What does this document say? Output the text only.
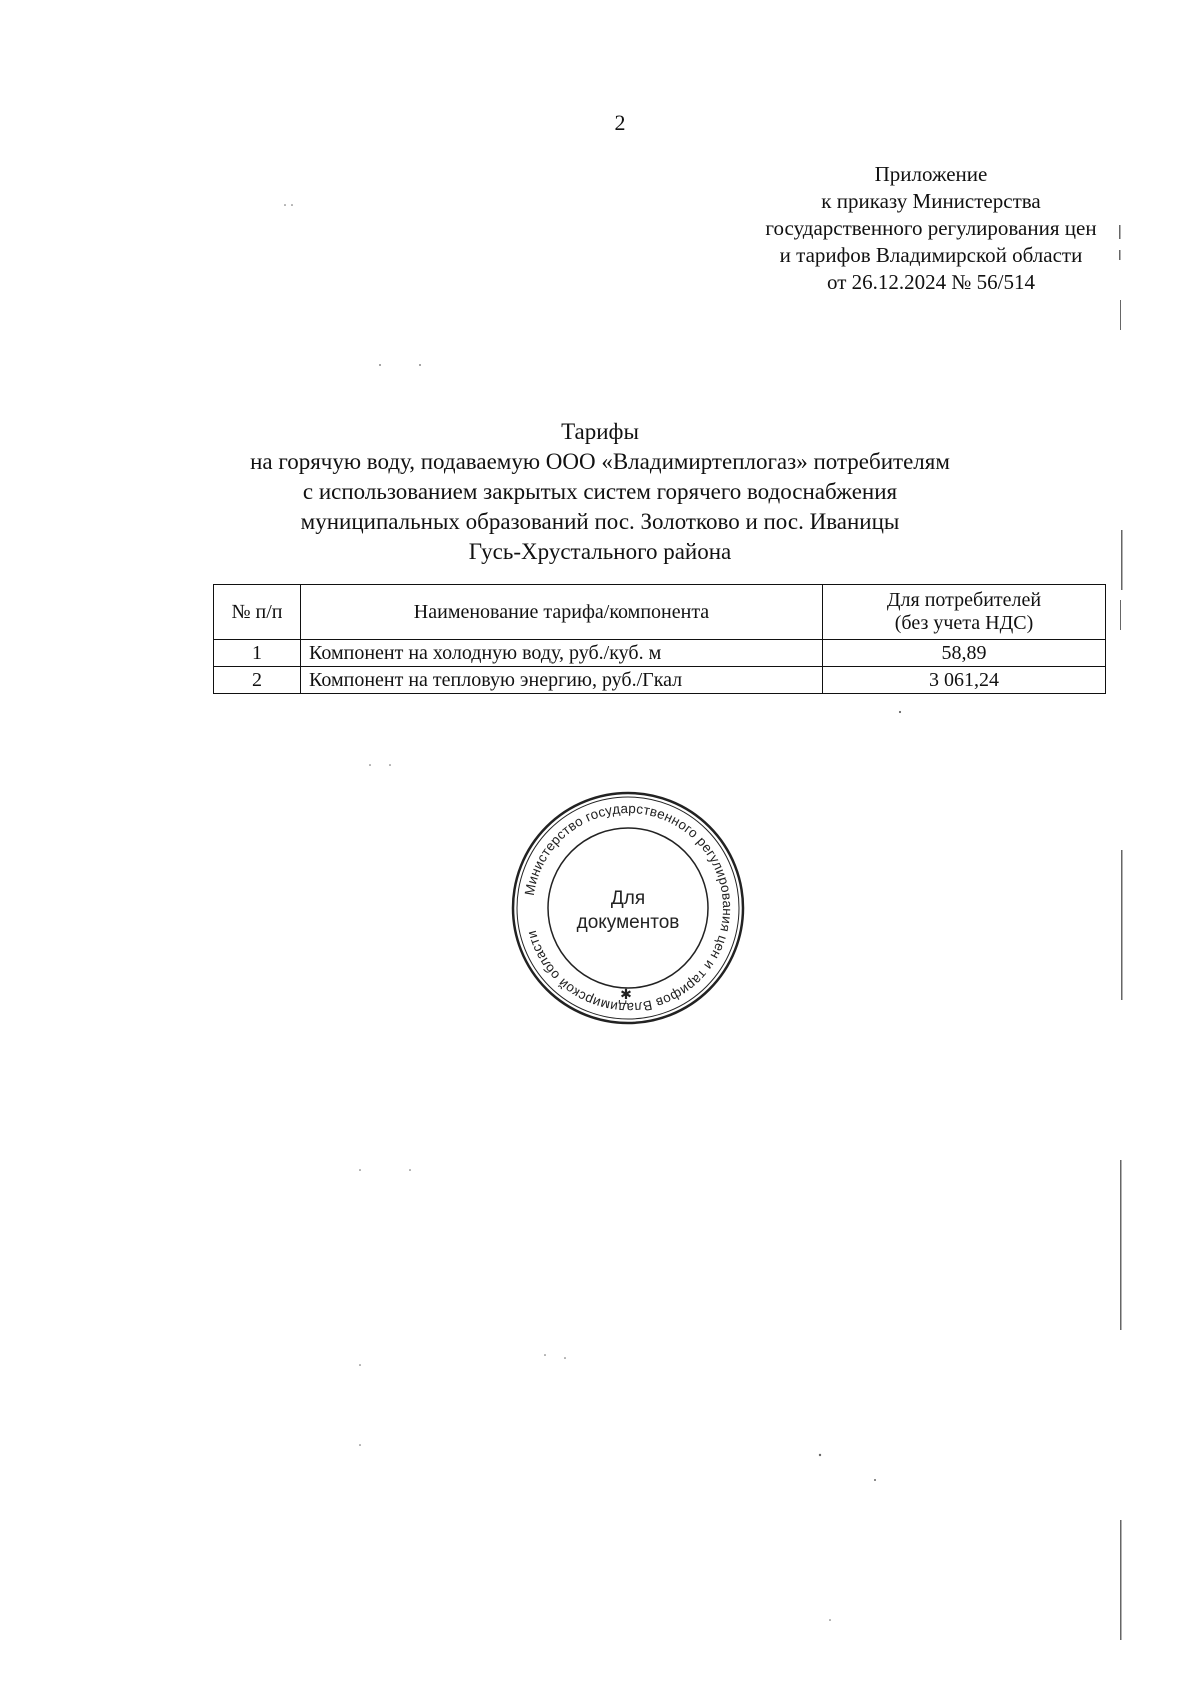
2
Приложение
к приказу Министерства
государственного регулирования цен
и тарифов Владимирской области
от 26.12.2024 № 56/514
Тарифы
на горячую воду, подаваемую ООО «Владимиртеплогаз» потребителям
с использованием закрытых систем горячего водоснабжения
муниципальных образований пос. Золотково и пос. Иваницы
Гусь-Хрустального района
№ п/п	Наименование тарифа/компонента	Для потребителей
(без учета НДС)

1	Компонент на холодную воду, руб./куб. м	58,89
2	Компонент на тепловую энергию, руб./Гкал	3 061,24
Министерство государственного регулирования цен и тарифов Владимирской области
✱
Для
документов
